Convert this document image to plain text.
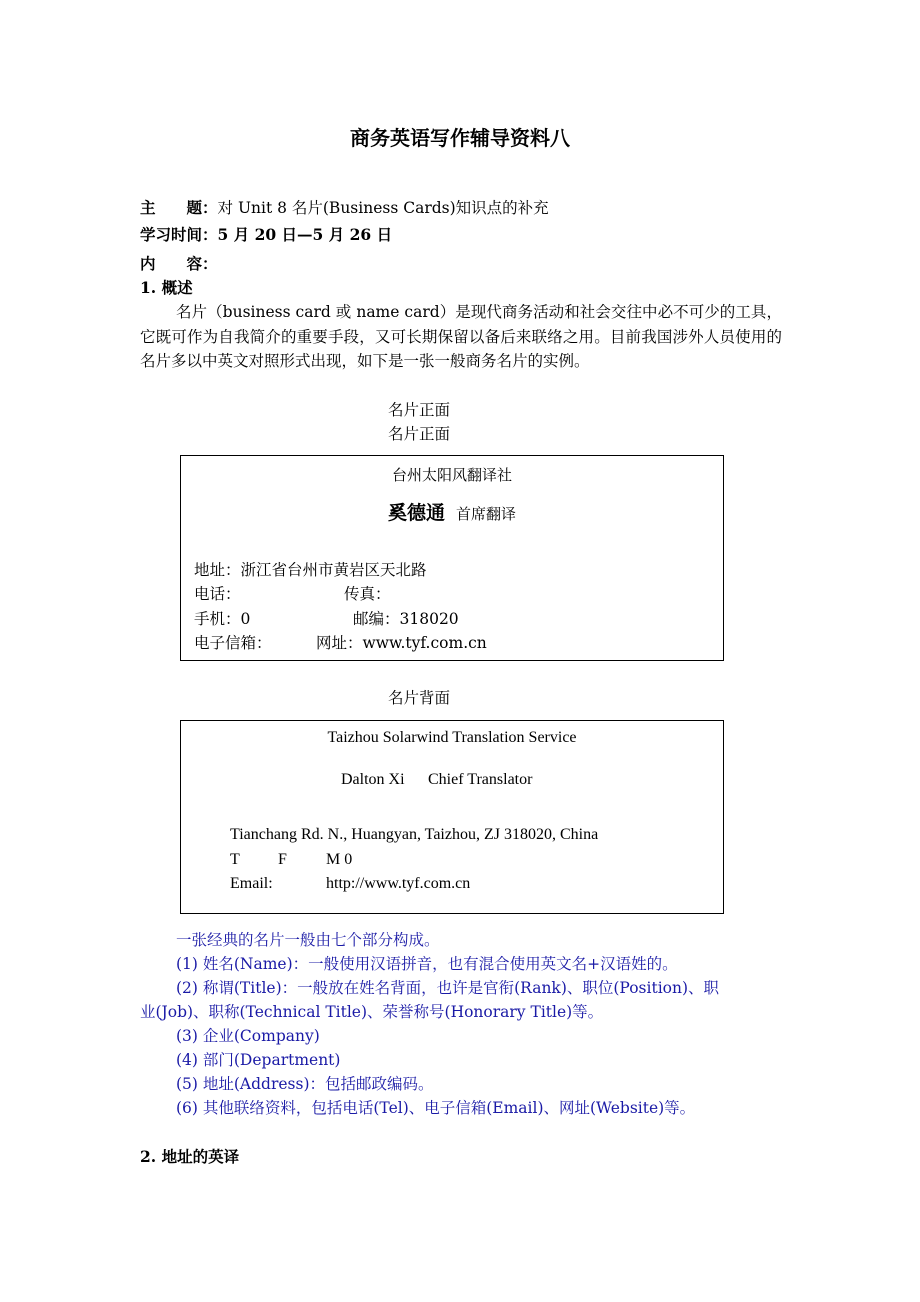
商务英语写作辅导资料八
主　　题：对 Unit 8 名片(Business Cards)知识点的补充
学习时间：5 月 20 日—5 月 26 日
内　　容：
1. 概述
名片（business card 或 name card）是现代商务活动和社会交往中必不可少的工具，它既可作为自我简介的重要手段，又可长期保留以备后来联络之用。目前我国涉外人员使用的名片多以中英文对照形式出现，如下是一张一般商务名片的实例。
名片正面
名片正面
台州太阳风翻译社
奚德通 首席翻译
地址：浙江省台州市黄岩区天北路
电话：	传真：
手机：0	邮编：318020
电子信箱：	网址：www.tyf.com.cn
名片背面
Taizhou Solarwind Translation Service
Dalton Xi Chief Translator
Tianchang Rd. N., Huangyan, Taizhou, ZJ 318020, China
T F M 0
Email:	http://www.tyf.com.cn
一张经典的名片一般由七个部分构成。
(1) 姓名(Name)：一般使用汉语拼音，也有混合使用英文名+汉语姓的。
(2) 称谓(Title)：一般放在姓名背面，也许是官衔(Rank)、职位(Position)、职
业(Job)、职称(Technical Title)、荣誉称号(Honorary Title)等。
(3) 企业(Company)
(4) 部门(Department)
(5) 地址(Address)：包括邮政编码。
(6) 其他联络资料，包括电话(Tel)、电子信箱(Email)、网址(Website)等。
2. 地址的英译
